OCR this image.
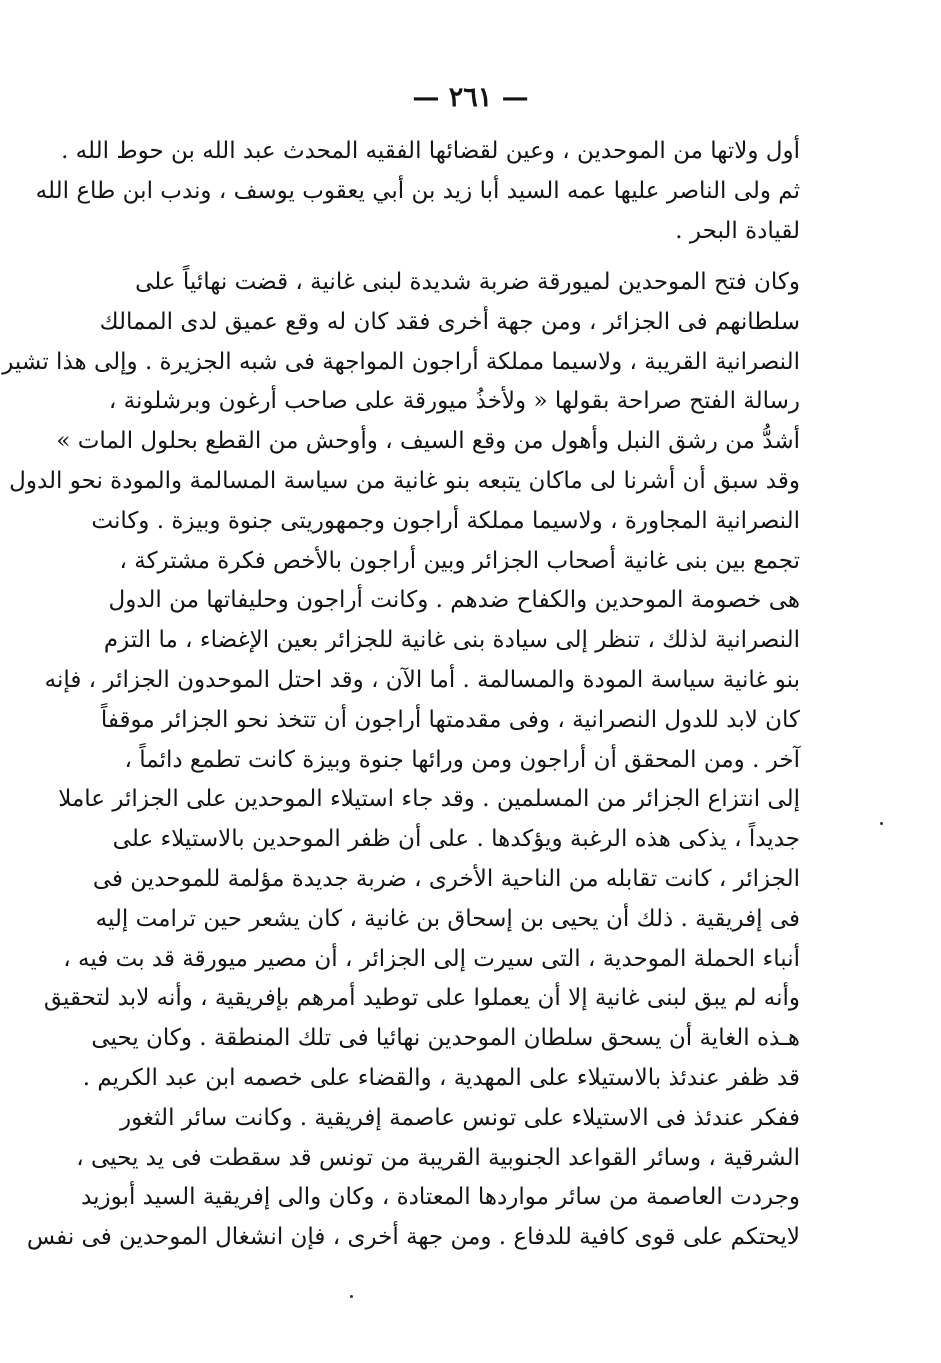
— ٢٦١ —
أول ولاتها من الموحدين ، وعين لقضائها الفقيه المحدث عبد الله بن حوط الله .
ثم ولى الناصر عليها عمه السيد أبا زيد بن أبي يعقوب يوسف ، وندب ابن طاع الله
لقيادة البحر .
وكان فتح الموحدين لميورقة ضربة شديدة لبنى غانية ، قضت نهائياً على
سلطانهم فى الجزائر ، ومن جهة أخرى فقد كان له وقع عميق لدى الممالك
النصرانية القريبة ، ولاسيما مملكة أراجون المواجهة فى شبه الجزيرة . وإلى هذا تشير
رسالة الفتح صراحة بقولها « ولأخذُ ميورقة على صاحب أرغون وبرشلونة ،
أشدُّ من رشق النبل وأهول من وقع السيف ، وأوحش من القطع بحلول المات »
وقد سبق أن أشرنا لى ماكان يتبعه بنو غانية من سياسة المسالمة والمودة نحو الدول
النصرانية المجاورة ، ولاسيما مملكة أراجون وجمهوريتى جنوة وبيزة . وكانت
تجمع بين بنى غانية أصحاب الجزائر وبين أراجون بالأخص فكرة مشتركة ،
هى خصومة الموحدين والكفاح ضدهم . وكانت أراجون وحليفاتها من الدول
النصرانية لذلك ، تنظر إلى سيادة بنى غانية للجزائر بعين الإغضاء ، ما التزم
بنو غانية سياسة المودة والمسالمة . أما الآن ، وقد احتل الموحدون الجزائر ، فإنه
كان لابد للدول النصرانية ، وفى مقدمتها أراجون أن تتخذ نحو الجزائر موقفاً
آخر . ومن المحقق أن أراجون ومن ورائها جنوة وبيزة كانت تطمع دائماً ،
إلى انتزاع الجزائر من المسلمين . وقد جاء استيلاء الموحدين على الجزائر عاملا
جديداً ، يذكى هذه الرغبة ويؤكدها . على أن ظفر الموحدين بالاستيلاء على
الجزائر ، كانت تقابله من الناحية الأخرى ، ضربة جديدة مؤلمة للموحدين فى
فى إفريقية . ذلك أن يحيى بن إسحاق بن غانية ، كان يشعر حين ترامت إليه
أنباء الحملة الموحدية ، التى سيرت إلى الجزائر ، أن مصير ميورقة قد بت فيه ،
وأنه لم يبق لبنى غانية إلا أن يعملوا على توطيد أمرهم بإفريقية ، وأنه لابد لتحقيق
هـذه الغاية أن يسحق سلطان الموحدين نهائيا فى تلك المنطقة . وكان يحيى
قد ظفر عندئذ بالاستيلاء على المهدية ، والقضاء على خصمه ابن عبد الكريم .
ففكر عندئذ فى الاستيلاء على تونس عاصمة إفريقية . وكانت سائر الثغور
الشرقية ، وسائر القواعد الجنوبية القريبة من تونس قد سقطت فى يد يحيى ،
وجردت العاصمة من سائر مواردها المعتادة ، وكان والى إفريقية السيد أبوزيد
لايحتكم على قوى كافية للدفاع . ومن جهة أخرى ، فإن انشغال الموحدين فى نفس
